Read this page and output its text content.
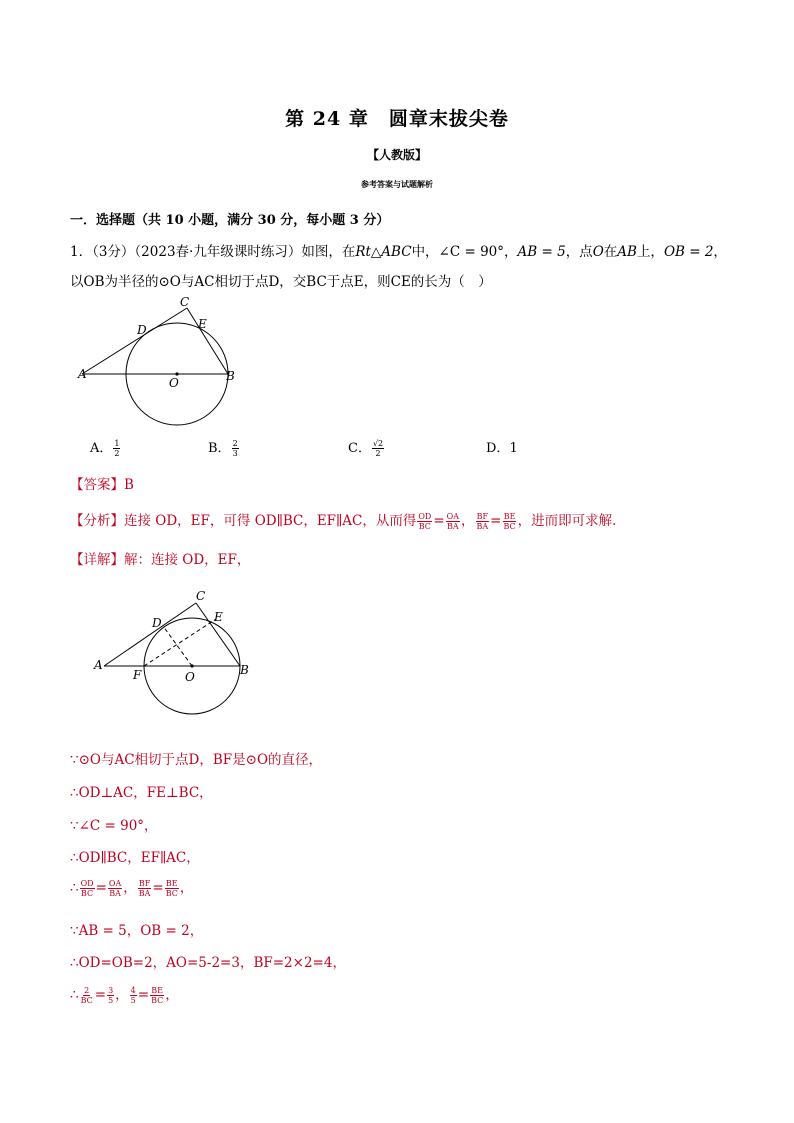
第 24 章　圆章末拔尖卷
【人教版】
参考答案与试题解析
一．选择题（共 10 小题，满分 30 分，每小题 3 分）
1．（3分）（2023春·九年级课时练习）如图，在Rt△ABC中，∠C = 90°，AB = 5，点O在AB上，OB = 2，
以OB为半径的⊙O与AC相切于点D，交BC于点E，则CE的长为（　）
A	B
C
D	E
O
A． $\frac{1}{2}$	B． $\frac{2}{3}$	C． $\frac{√2}{2}$	D．1
【答案】B
【分析】连接 OD，EF，可得 OD∥BC，EF∥AC，从而得 $\frac{OD}{BC} = \frac{OA}{BA}$ ， $\frac{BF}{BA} = \frac{BE}{BC}$ ，进而即可求解．
【详解】解：连接 OD，EF，
A	B
C
D	E
O
F
∵⊙O与AC相切于点D，BF是⊙O的直径，
∴OD⊥AC，FE⊥BC，
∵∠C = 90°，
∴OD∥BC，EF∥AC，
∴ $\frac{OD}{BC} = \frac{OA}{BA}$ ， $\frac{BF}{BA} = \frac{BE}{BC}$ ，
∵AB = 5，OB = 2，
∴OD=OB=2，AO=5-2=3，BF=2×2=4，
∴ $\frac{2}{BC} = \frac{3}{5}$ ， $\frac{4}{5} = \frac{BE}{BC}$ ，
